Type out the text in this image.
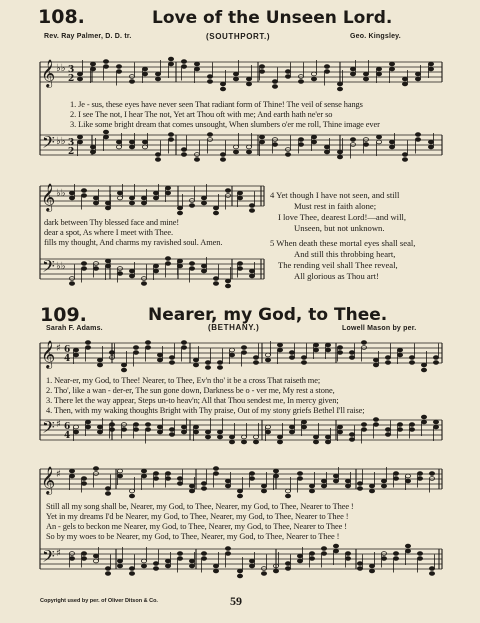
108.	Love of the Unseen Lord.
Rev. Ray Palmer, D. D. tr.	(SOUTHPORT.)	Geo. Kingsley.
𝄞
𝄢
𝄞
𝄢
𝄞
𝄢
𝄞
𝄢
♭♭
♭♭
3
2
3
2
♭♭
♭♭
♯
♯
6
4
6
4
♯
♯
1. Je - sus, these eyes have never seen That radiant form of Thine! The veil of sense hangs
2. I see The not, I hear The not, Yet art Thou oft with me; And earth hath ne'er so
3. Like some bright dream that comes unsought, When slumbers o'er me roll, Thine image ever
dark between Thy blessed face and mine!
dear a spot, As where I meet with Thee.
fills my thought, And charms my ravished soul. Amen.
4 Yet though I have not seen, and still
Must rest in faith alone;
I love Thee, dearest Lord!—and will,
Unseen, but not unknown.
5 When death these mortal eyes shall seal,
And still this throbbing heart,
The rending veil shall Thee reveal,
All glorious as Thou art!
109.	Nearer, my God, to Thee.
Sarah F. Adams.	(BETHANY.)	Lowell Mason by per.
1. Near-er, my God, to Thee! Nearer, to Thee, Ev'n tho' it be a cross That raiseth me;
2. Tho', like a wan - der-er, The sun gone down, Darkness be o - ver me, My rest a stone,
3. There let the way appear, Steps un-to heav'n; All that Thou sendest me, In mercy given;
4. Then, with my waking thoughts Bright with Thy praise, Out of my stony griefs Bethel I'll raise;
Still all my song shall be, Nearer, my God, to Thee, Nearer, my God, to Thee, Nearer to Thee !
Yet in my dreams I'd be Nearer, my God, to Thee, Nearer, my God, to Thee, Nearer to Thee !
An - gels to beckon me Nearer, my God, to Thee, Nearer, my God, to Thee, Nearer to Thee !
So by my woes to be Nearer, my God, to Thee, Nearer, my God, to Thee, Nearer to Thee !
Copyright used by per. of Oliver Ditson & Co.	59
